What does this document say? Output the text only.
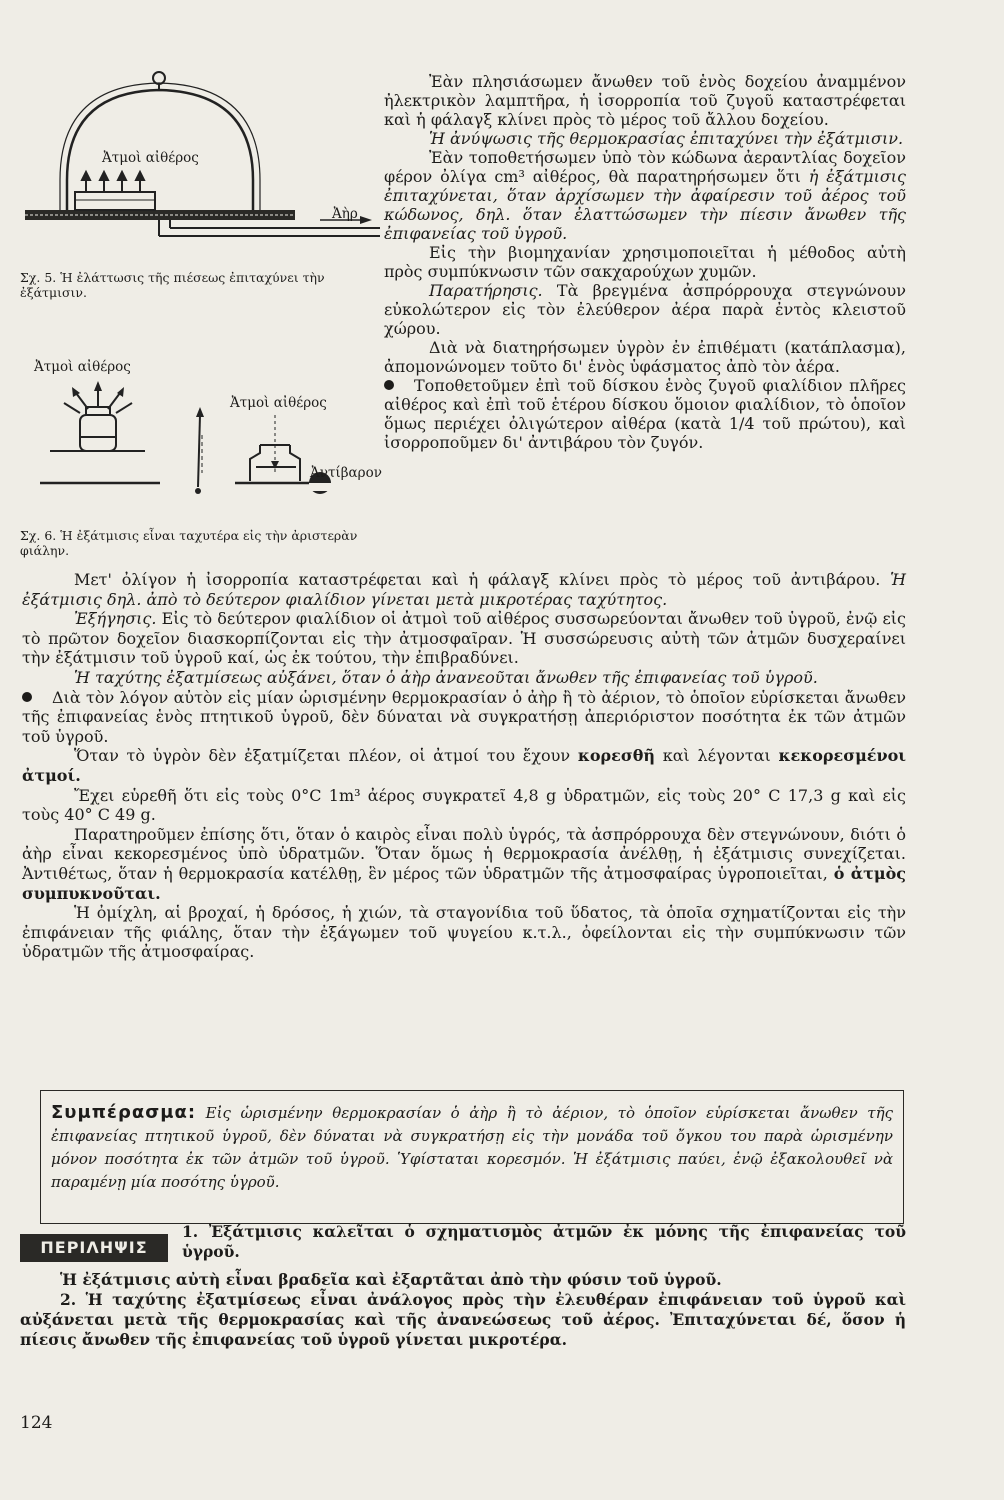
Ἀτμοὶ αἰθέρος
Ἀὴρ
Σχ. 5. Ἡ ἐλάττωσις τῆς πιέσεως ἐπιταχύνει τὴν ἐξάτμισιν.
Ἀτμοὶ αἰθέρος
Ἀτμοὶ αἰθέρος
Ἀντίβαρον
Σχ. 6. Ἡ ἐξάτμισις εἶναι ταχυτέρα εἰς τὴν ἀριστερὰν φιάλην.

Ἐὰν πλησιάσωμεν ἄνωθεν τοῦ ἑνὸς δοχείου ἀναμμένον ἠλεκτρικὸν λαμπτῆρα, ἡ ἰσορροπία τοῦ ζυγοῦ καταστρέφεται καὶ ἡ φάλαγξ κλίνει πρὸς τὸ μέρος τοῦ ἄλλου δοχείου.

Ἡ ἀνύψωσις τῆς θερμοκρασίας ἐπιταχύνει τὴν ἐξάτμισιν.

Ἐὰν τοποθετήσωμεν ὑπὸ τὸν κώδωνα ἀεραντλίας δοχεῖον φέρον ὀλίγα cm³ αἰθέρος, θὰ παρατηρήσωμεν ὅτι ἡ ἐξάτμισις ἐπιταχύνεται, ὅταν ἀρχίσωμεν τὴν ἀφαίρεσιν τοῦ ἀέρος τοῦ κώδωνος, δηλ. ὅταν ἐλαττώσωμεν τὴν πίεσιν ἄνωθεν τῆς ἐπιφανείας τοῦ ὑγροῦ.

Εἰς τὴν βιομηχανίαν χρησιμοποιεῖται ἡ μέθοδος αὐτὴ πρὸς συμπύκνωσιν τῶν σακχαρούχων χυμῶν.

Παρατήρησις. Τὰ βρεγμένα ἀσπρόρρουχα στεγνώνουν εὐκολώτερον εἰς τὸν ἐλεύθερον ἀέρα παρὰ ἐντὸς κλειστοῦ χώρου.

Διὰ νὰ διατηρήσωμεν ὑγρὸν ἐν ἐπιθέματι (κατάπλασμα), ἀπομονώνομεν τοῦτο δι' ἑνὸς ὑφάσματος ἀπὸ τὸν ἀέρα.

Τοποθετοῦμεν ἐπὶ τοῦ δίσκου ἑνὸς ζυγοῦ φιαλίδιον πλῆρες αἰθέρος καὶ ἐπὶ τοῦ ἑτέρου δίσκου ὅμοιον φιαλίδιον, τὸ ὁποῖον ὅμως περιέχει ὀλιγώτερον αἰθέρα (κατὰ 1/4 τοῦ πρώτου), καὶ ἰσορροποῦμεν δι' ἀντιβάρου τὸν ζυγόν.

Μετ' ὀλίγον ἡ ἰσορροπία καταστρέφεται καὶ ἡ φάλαγξ κλίνει πρὸς τὸ μέρος τοῦ ἀντιβάρου. Ἡ ἐξάτμισις δηλ. ἀπὸ τὸ δεύτερον φιαλίδιον γίνεται μετὰ μικροτέρας ταχύτητος.

Ἐξήγησις. Εἰς τὸ δεύτερον φιαλίδιον οἱ ἀτμοὶ τοῦ αἰθέρος συσσωρεύονται ἄνωθεν τοῦ ὑγροῦ, ἐνῷ εἰς τὸ πρῶτον δοχεῖον διασκορπίζονται εἰς τὴν ἀτμοσφαῖραν. Ἡ συσσώρευσις αὐτὴ τῶν ἀτμῶν δυσχεραίνει τὴν ἐξάτμισιν τοῦ ὑγροῦ καί, ὡς ἐκ τούτου, τὴν ἐπιβραδύνει.

Ἡ ταχύτης ἐξατμίσεως αὐξάνει, ὅταν ὁ ἀὴρ ἀνανεοῦται ἄνωθεν τῆς ἐπιφανείας τοῦ ὑγροῦ.

Διὰ τὸν λόγον αὐτὸν εἰς μίαν ὡρισμένην θερμοκρασίαν ὁ ἀὴρ ἢ τὸ ἀέριον, τὸ ὁποῖον εὑρίσκεται ἄνωθεν τῆς ἐπιφανείας ἑνὸς πτητικοῦ ὑγροῦ, δὲν δύναται νὰ συγκρατήσῃ ἀπεριόριστον ποσότητα ἐκ τῶν ἀτμῶν τοῦ ὑγροῦ.

Ὅταν τὸ ὑγρὸν δὲν ἐξατμίζεται πλέον, οἱ ἀτμοί του ἔχουν κορεσθῆ καὶ λέγονται κεκορεσμένοι ἀτμοί.

Ἔχει εὑρεθῆ ὅτι εἰς τοὺς 0°C 1m³ ἀέρος συγκρατεῖ 4,8 g ὑδρατμῶν, εἰς τοὺς 20° C 17,3 g καὶ εἰς τοὺς 40° C 49 g.

Παρατηροῦμεν ἐπίσης ὅτι, ὅταν ὁ καιρὸς εἶναι πολὺ ὑγρός, τὰ ἀσπρόρρουχα δὲν στεγνώνουν, διότι ὁ ἀὴρ εἶναι κεκορεσμένος ὑπὸ ὑδρατμῶν. Ὅταν ὅμως ἡ θερμοκρασία ἀνέλθῃ, ἡ ἐξάτμισις συνεχίζεται. Ἀντιθέτως, ὅταν ἡ θερμοκρασία κατέλθῃ, ἓν μέρος τῶν ὑδρατμῶν τῆς ἀτμοσφαίρας ὑγροποιεῖται, ὁ ἀτμὸς συμπυκνοῦται.

Ἡ ὀμίχλη, αἱ βροχαί, ἡ δρόσος, ἡ χιών, τὰ σταγονίδια τοῦ ὕδατος, τὰ ὁποῖα σχηματίζονται εἰς τὴν ἐπιφάνειαν τῆς φιάλης, ὅταν τὴν ἐξάγωμεν τοῦ ψυγείου κ.τ.λ., ὀφείλονται εἰς τὴν συμπύκνωσιν τῶν ὑδρατμῶν τῆς ἀτμοσφαίρας.

Συμπέρασμα: Εἰς ὡρισμένην θερμοκρασίαν ὁ ἀὴρ ἢ τὸ ἀέριον, τὸ ὁποῖον εὑρίσκεται ἄνωθεν τῆς ἐπιφανείας πτητικοῦ ὑγροῦ, δὲν δύναται νὰ συγκρατήσῃ εἰς τὴν μονάδα τοῦ ὄγκου του παρὰ ὡρισμένην μόνον ποσότητα ἐκ τῶν ἀτμῶν τοῦ ὑγροῦ. Ὑφίσταται κορεσμόν. Ἡ ἐξάτμισις παύει, ἐνῷ ἐξακολουθεῖ νὰ παραμένῃ μία ποσότης ὑγροῦ.
ΠΕΡΙΛΗΨΙΣ
1. Ἐξάτμισις καλεῖται ὁ σχηματισμὸς ἀτμῶν ἐκ μόνης τῆς ἐπιφανείας τοῦ ὑγροῦ.

Ἡ ἐξάτμισις αὐτὴ εἶναι βραδεῖα καὶ ἐξαρτᾶται ἀπὸ τὴν φύσιν τοῦ ὑγροῦ.

2. Ἡ ταχύτης ἐξατμίσεως εἶναι ἀνάλογος πρὸς τὴν ἐλευθέραν ἐπιφάνειαν τοῦ ὑγροῦ καὶ αὐξάνεται μετὰ τῆς θερμοκρασίας καὶ τῆς ἀνανεώσεως τοῦ ἀέρος. Ἐπιταχύνεται δέ, ὅσον ἡ πίεσις ἄνωθεν τῆς ἐπιφανείας τοῦ ὑγροῦ γίνεται μικροτέρα.

124
